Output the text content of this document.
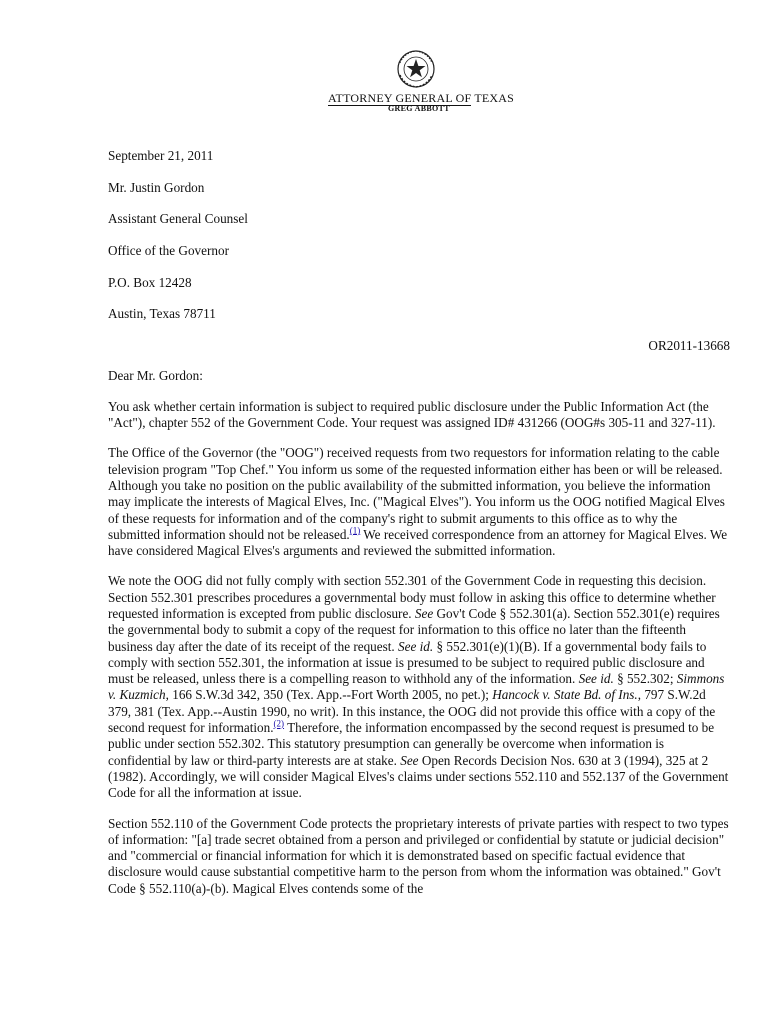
ATTORNEY GENERAL OF TEXAS
GREG ABBOTT

September 21, 2011

Mr. Justin Gordon

Assistant General Counsel

Office of the Governor

P.O. Box 12428

Austin, Texas 78711

OR2011-13668

Dear Mr. Gordon:

You ask whether certain information is subject to required public disclosure under the Public Information Act (the "Act"), chapter 552 of the Government Code. Your request was assigned ID# 431266 (OOG#s 305-11 and 327-11).

The Office of the Governor (the "OOG") received requests from two requestors for information relating to the cable television program "Top Chef." You inform us some of the requested information either has been or will be released. Although you take no position on the public availability of the submitted information, you believe the information may implicate the interests of Magical Elves, Inc. ("Magical Elves"). You inform us the OOG notified Magical Elves of these requests for information and of the company's right to submit arguments to this office as to why the submitted information should not be released.$^{(1)}$ We received correspondence from an attorney for Magical Elves. We have considered Magical Elves's arguments and reviewed the submitted information.

We note the OOG did not fully comply with section 552.301 of the Government Code in requesting this decision. Section 552.301 prescribes procedures a governmental body must follow in asking this office to determine whether requested information is excepted from public disclosure. See Gov't Code § 552.301(a). Section 552.301(e) requires the governmental body to submit a copy of the request for information to this office no later than the fifteenth business day after the date of its receipt of the request. See id. § 552.301(e)(1)(B). If a governmental body fails to comply with section 552.301, the information at issue is presumed to be subject to required public disclosure and must be released, unless there is a compelling reason to withhold any of the information. See id. § 552.302; Simmons v. Kuzmich, 166 S.W.3d 342, 350 (Tex. App.--Fort Worth 2005, no pet.); Hancock v. State Bd. of Ins., 797 S.W.2d 379, 381 (Tex. App.--Austin 1990, no writ). In this instance, the OOG did not provide this office with a copy of the second request for information.$^{(2)}$ Therefore, the information encompassed by the second request is presumed to be public under section 552.302. This statutory presumption can generally be overcome when information is confidential by law or third-party interests are at stake. See Open Records Decision Nos. 630 at 3 (1994), 325 at 2 (1982). Accordingly, we will consider Magical Elves's claims under sections 552.110 and 552.137 of the Government Code for all the information at issue.

Section 552.110 of the Government Code protects the proprietary interests of private parties with respect to two types of information: "[a] trade secret obtained from a person and privileged or confidential by statute or judicial decision" and "commercial or financial information for which it is demonstrated based on specific factual evidence that disclosure would cause substantial competitive harm to the person from whom the information was obtained." Gov't Code § 552.110(a)-(b). Magical Elves contends some of the
